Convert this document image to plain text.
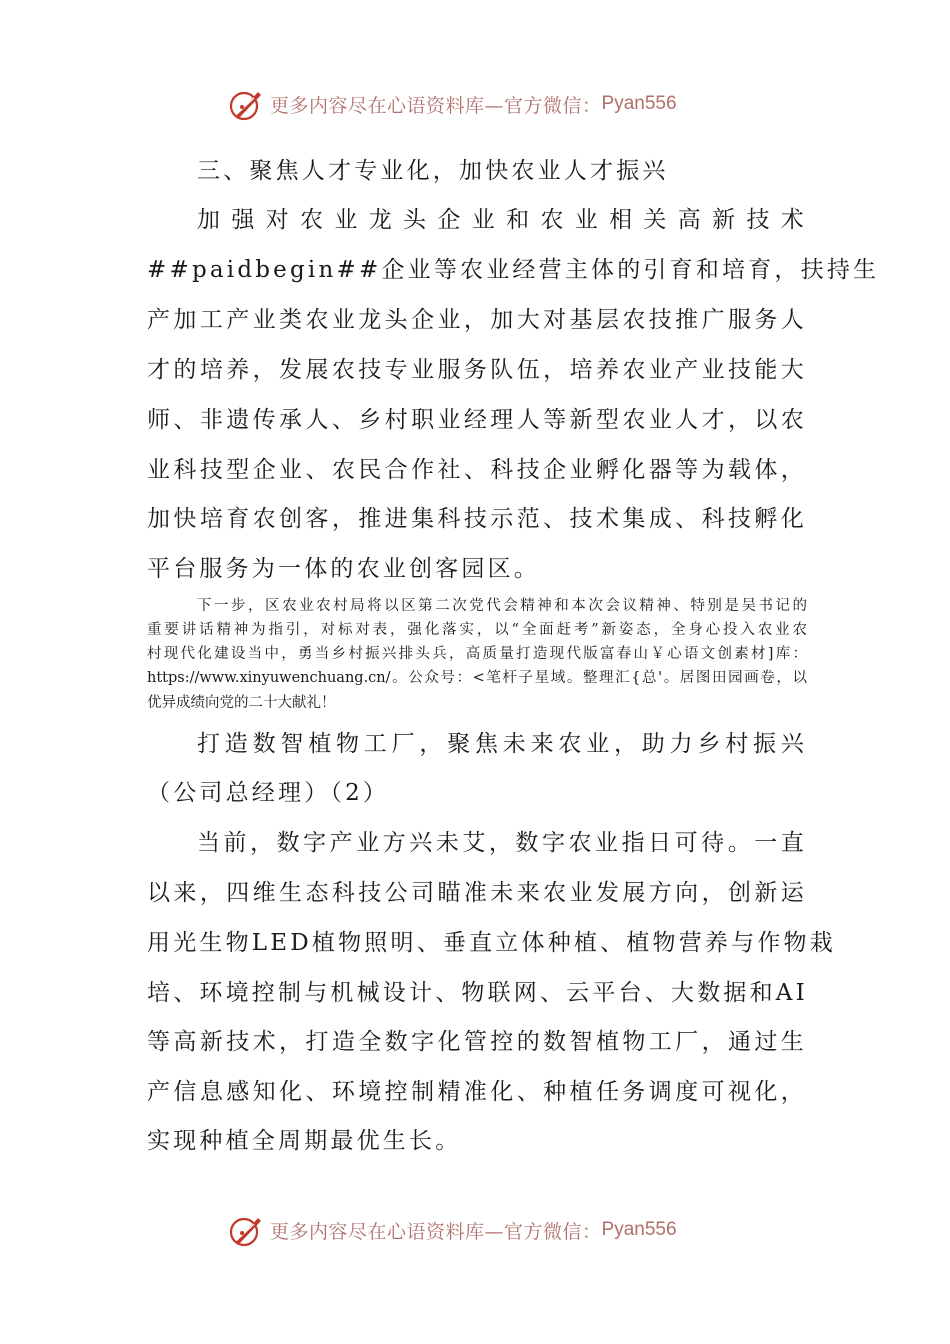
更多内容尽在心语资料库—官方微信： Pyan556
三、聚焦人才专业化，加快农业人才振兴
加强对农业龙头企业和农业相关高新技术
##paidbegin##企业等农业经营主体的引育和培育，扶持生
产加工产业类农业龙头企业，加大对基层农技推广服务人
才的培养，发展农技专业服务队伍，培养农业产业技能大
师、非遗传承人、乡村职业经理人等新型农业人才，以农
业科技型企业、农民合作社、科技企业孵化器等为载体，
加快培育农创客，推进集科技示范、技术集成、科技孵化
平台服务为一体的农业创客园区。
下一步，区农业农村局将以区第二次党代会精神和本次会议精神、特别是吴书记的
重要讲话精神为指引，对标对表，强化落实，以“全面赶考”新姿态，全身心投入农业农
村现代化建设当中，勇当乡村振兴排头兵，高质量打造现代版富春山￥心语文创素材]库：
https://www.xinyuwenchuang.cn/。公众号：<笔杆子星域。整理汇{总'。居图田园画卷，以
优异成绩向党的二十大献礼！
打造数智植物工厂，聚焦未来农业，助力乡村振兴
（公司总经理）（2）
当前，数字产业方兴未艾，数字农业指日可待。一直
以来，四维生态科技公司瞄准未来农业发展方向，创新运
用光生物LED植物照明、垂直立体种植、植物营养与作物栽
培、环境控制与机械设计、物联网、云平台、大数据和AI
等高新技术，打造全数字化管控的数智植物工厂，通过生
产信息感知化、环境控制精准化、种植任务调度可视化，
实现种植全周期最优生长。
更多内容尽在心语资料库—官方微信： Pyan556
